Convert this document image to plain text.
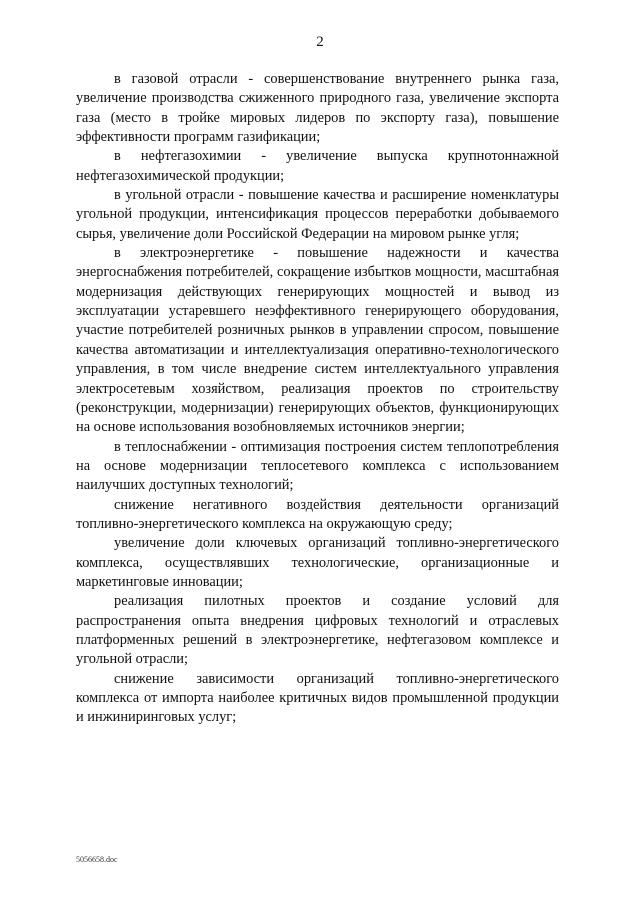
2

в газовой отрасли - совершенствование внутреннего рынка газа, увеличение производства сжиженного природного газа, увеличение экспорта газа (место в тройке мировых лидеров по экспорту газа), повышение эффективности программ газификации;

в нефтегазохимии - увеличение выпуска крупнотоннажной нефтегазохимической продукции;

в угольной отрасли - повышение качества и расширение номенклатуры угольной продукции, интенсификация процессов переработки добываемого сырья, увеличение доли Российской Федерации на мировом рынке угля;

в электроэнергетике - повышение надежности и качества энергоснабжения потребителей, сокращение избытков мощности, масштабная модернизация действующих генерирующих мощностей и вывод из эксплуатации устаревшего неэффективного генерирующего оборудования, участие потребителей розничных рынков в управлении спросом, повышение качества автоматизации и интеллектуализация оперативно-технологического управления, в том числе внедрение систем интеллектуального управления электросетевым хозяйством, реализация проектов по строительству (реконструкции, модернизации) генерирующих объектов, функционирующих на основе использования возобновляемых источников энергии;

в теплоснабжении - оптимизация построения систем теплопотребления на основе модернизации теплосетевого комплекса с использованием наилучших доступных технологий;

снижение негативного воздействия деятельности организаций топливно-энергетического комплекса на окружающую среду;

увеличение доли ключевых организаций топливно-энергетического комплекса, осуществлявших технологические, организационные и маркетинговые инновации;

реализация пилотных проектов и создание условий для распространения опыта внедрения цифровых технологий и отраслевых платформенных решений в электроэнергетике, нефтегазовом комплексе и угольной отрасли;

снижение зависимости организаций топливно-энергетического комплекса от импорта наиболее критичных видов промышленной продукции и инжиниринговых услуг;

5056658.doc
